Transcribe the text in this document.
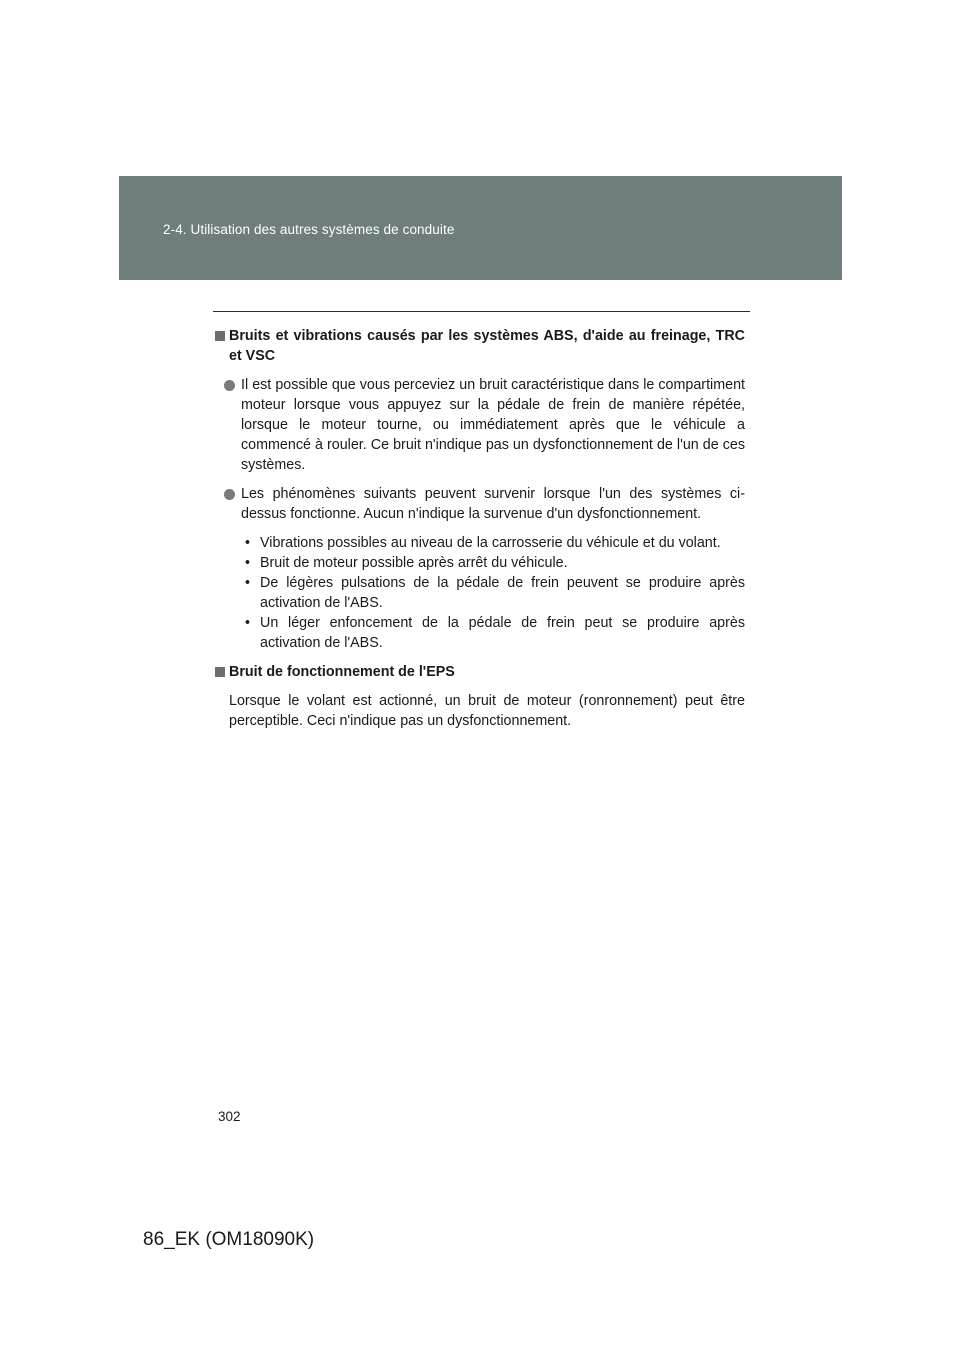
2-4. Utilisation des autres systèmes de conduite
Bruits et vibrations causés par les systèmes ABS, d'aide au freinage, TRC et VSC
Il est possible que vous perceviez un bruit caractéristique dans le compartiment moteur lorsque vous appuyez sur la pédale de frein de manière répétée, lorsque le moteur tourne, ou immédiatement après que le véhicule a commencé à rouler. Ce bruit n'indique pas un dysfonctionnement de l'un de ces systèmes.
Les phénomènes suivants peuvent survenir lorsque l'un des systèmes ci-dessus fonctionne. Aucun n'indique la survenue d'un dysfonctionnement.
• Vibrations possibles au niveau de la carrosserie du véhicule et du volant.
• Bruit de moteur possible après arrêt du véhicule.
• De légères pulsations de la pédale de frein peuvent se produire après activation de l'ABS.
• Un léger enfoncement de la pédale de frein peut se produire après activation de l'ABS.
Bruit de fonctionnement de l'EPS
Lorsque le volant est actionné, un bruit de moteur (ronronnement) peut être perceptible. Ceci n'indique pas un dysfonctionnement.
302
86_EK (OM18090K)
